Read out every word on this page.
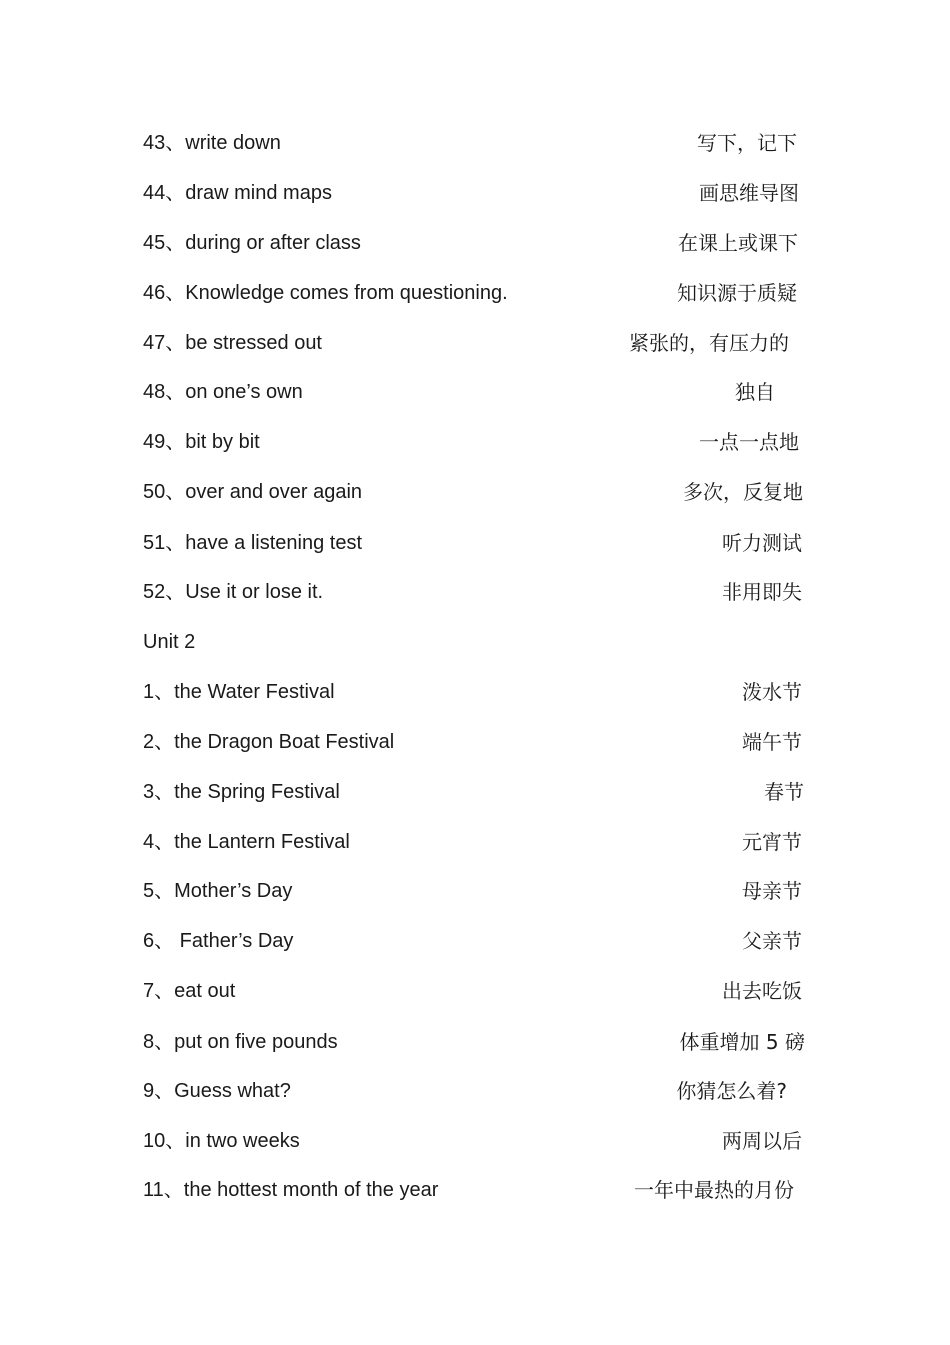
43、write down	写下，记下
44、draw mind maps	画思维导图
45、during or after class	在课上或课下
46、Knowledge comes from questioning.	知识源于质疑
47、be stressed out	紧张的，有压力的
48、on one’s own	独自
49、bit by bit	一点一点地
50、over and over again	多次，反复地
51、have a listening test	听力测试
52、Use it or lose it.	非用即失
Unit 2
1、the Water Festival	泼水节
2、the Dragon Boat Festival	端午节
3、the Spring Festival	春节
4、the Lantern Festival	元宵节
5、Mother’s Day	母亲节
6、 Father’s Day	父亲节
7、eat out	出去吃饭
8、put on five pounds	体重增加 5 磅
9、Guess what?	你猜怎么着?
10、in two weeks	两周以后
11、the hottest month of the year	一年中最热的月份
